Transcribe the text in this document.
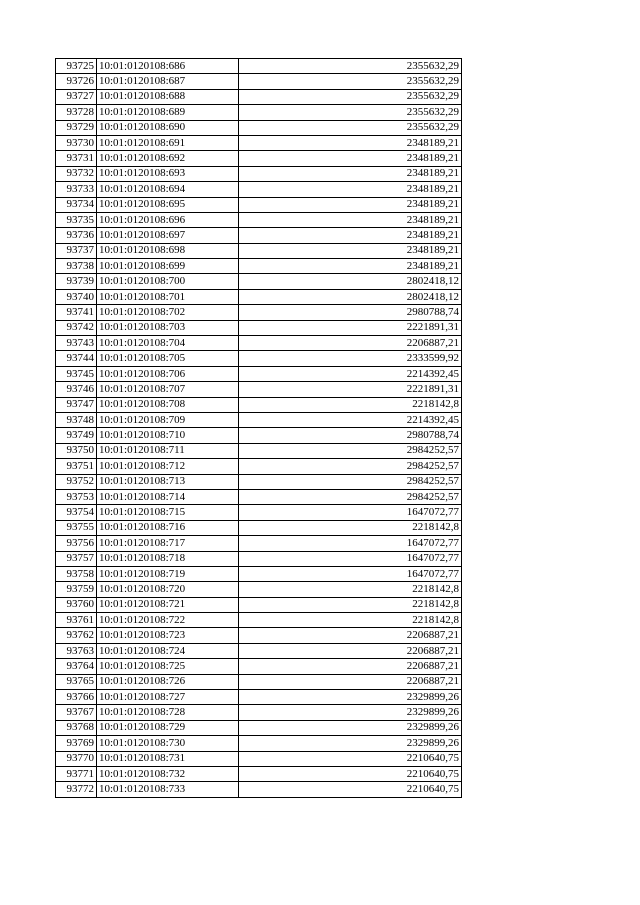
93725	10:01:0120108:686	2355632,29
93726	10:01:0120108:687	2355632,29
93727	10:01:0120108:688	2355632,29
93728	10:01:0120108:689	2355632,29
93729	10:01:0120108:690	2355632,29
93730	10:01:0120108:691	2348189,21
93731	10:01:0120108:692	2348189,21
93732	10:01:0120108:693	2348189,21
93733	10:01:0120108:694	2348189,21
93734	10:01:0120108:695	2348189,21
93735	10:01:0120108:696	2348189,21
93736	10:01:0120108:697	2348189,21
93737	10:01:0120108:698	2348189,21
93738	10:01:0120108:699	2348189,21
93739	10:01:0120108:700	2802418,12
93740	10:01:0120108:701	2802418,12
93741	10:01:0120108:702	2980788,74
93742	10:01:0120108:703	2221891,31
93743	10:01:0120108:704	2206887,21
93744	10:01:0120108:705	2333599,92
93745	10:01:0120108:706	2214392,45
93746	10:01:0120108:707	2221891,31
93747	10:01:0120108:708	2218142,8
93748	10:01:0120108:709	2214392,45
93749	10:01:0120108:710	2980788,74
93750	10:01:0120108:711	2984252,57
93751	10:01:0120108:712	2984252,57
93752	10:01:0120108:713	2984252,57
93753	10:01:0120108:714	2984252,57
93754	10:01:0120108:715	1647072,77
93755	10:01:0120108:716	2218142,8
93756	10:01:0120108:717	1647072,77
93757	10:01:0120108:718	1647072,77
93758	10:01:0120108:719	1647072,77
93759	10:01:0120108:720	2218142,8
93760	10:01:0120108:721	2218142,8
93761	10:01:0120108:722	2218142,8
93762	10:01:0120108:723	2206887,21
93763	10:01:0120108:724	2206887,21
93764	10:01:0120108:725	2206887,21
93765	10:01:0120108:726	2206887,21
93766	10:01:0120108:727	2329899,26
93767	10:01:0120108:728	2329899,26
93768	10:01:0120108:729	2329899,26
93769	10:01:0120108:730	2329899,26
93770	10:01:0120108:731	2210640,75
93771	10:01:0120108:732	2210640,75
93772	10:01:0120108:733	2210640,75
